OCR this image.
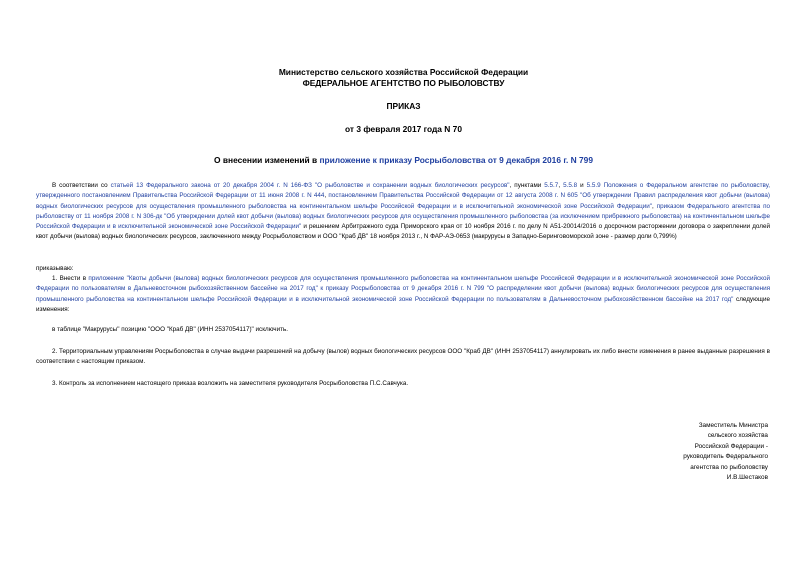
Министерство сельского хозяйства Российской Федерации
ФЕДЕРАЛЬНОЕ АГЕНТСТВО ПО РЫБОЛОВСТВУ
ПРИКАЗ
от 3 февраля 2017 года N 70
О внесении изменений в приложение к приказу Росрыболовства от 9 декабря 2016 г. N 799
В соответствии со статьей 13 Федерального закона от 20 декабря 2004 г. N 166-ФЗ "О рыболовстве и сохранении водных биологических ресурсов", пунктами 5.5.7, 5.5.8 и 5.5.9 Положения о Федеральном агентстве по рыболовству, утвержденного постановлением Правительства Российской Федерации от 11 июня 2008 г. N 444, постановлением Правительства Российской Федерации от 12 августа 2008 г. N 605 "Об утверждении Правил распределения квот добычи (вылова) водных биологических ресурсов для осуществления промышленного рыболовства на континентальном шельфе Российской Федерации и в исключительной экономической зоне Российской Федерации", приказом Федерального агентства по рыболовству от 11 ноября 2008 г. N 306-дк "Об утверждении долей квот добычи (вылова) водных биологических ресурсов для осуществления промышленного рыболовства (за исключением прибрежного рыболовства) на континентальном шельфе Российской Федерации и в исключительной экономической зоне Российской Федерации" и решением Арбитражного суда Приморского края от 10 ноября 2016 г. по делу N А51-20014/2016 о досрочном расторжении договора о закреплении долей квот добычи (вылова) водных биологических ресурсов, заключенного между Росрыболовством и ООО "Краб ДВ" 18 ноября 2013 г., N ФАР-АЭ-0653 (макрурусы в Западно-Беринговоморской зоне - размер доли 0,799%)
приказываю:
1. Внести в приложение "Квоты добычи (вылова) водных биологических ресурсов для осуществления промышленного рыболовства на континентальном шельфе Российской Федерации и в исключительной экономической зоне Российской Федерации по пользователям в Дальневосточном рыбохозяйственном бассейне на 2017 год" к приказу Росрыболовства от 9 декабря 2016 г. N 799 "О распределении квот добычи (вылова) водных биологических ресурсов для осуществления промышленного рыболовства на континентальном шельфе Российской Федерации и в исключительной экономической зоне Российской Федерации по пользователям в Дальневосточном рыбохозяйственном бассейне на 2017 год" следующие изменения:
в таблице "Макрурусы" позицию "ООО "Краб ДВ" (ИНН 2537054117)" исключить.
2. Территориальным управлениям Росрыболовства в случае выдачи разрешений на добычу (вылов) водных биологических ресурсов ООО "Краб ДВ" (ИНН 2537054117) аннулировать их либо внести изменения в ранее выданные разрешения в соответствии с настоящим приказом.
3. Контроль за исполнением настоящего приказа возложить на заместителя руководителя Росрыболовства П.С.Савчука.
Заместитель Министра
сельского хозяйства
Российской Федерации -
руководитель Федерального
агентства по рыболовству
И.В.Шестаков
